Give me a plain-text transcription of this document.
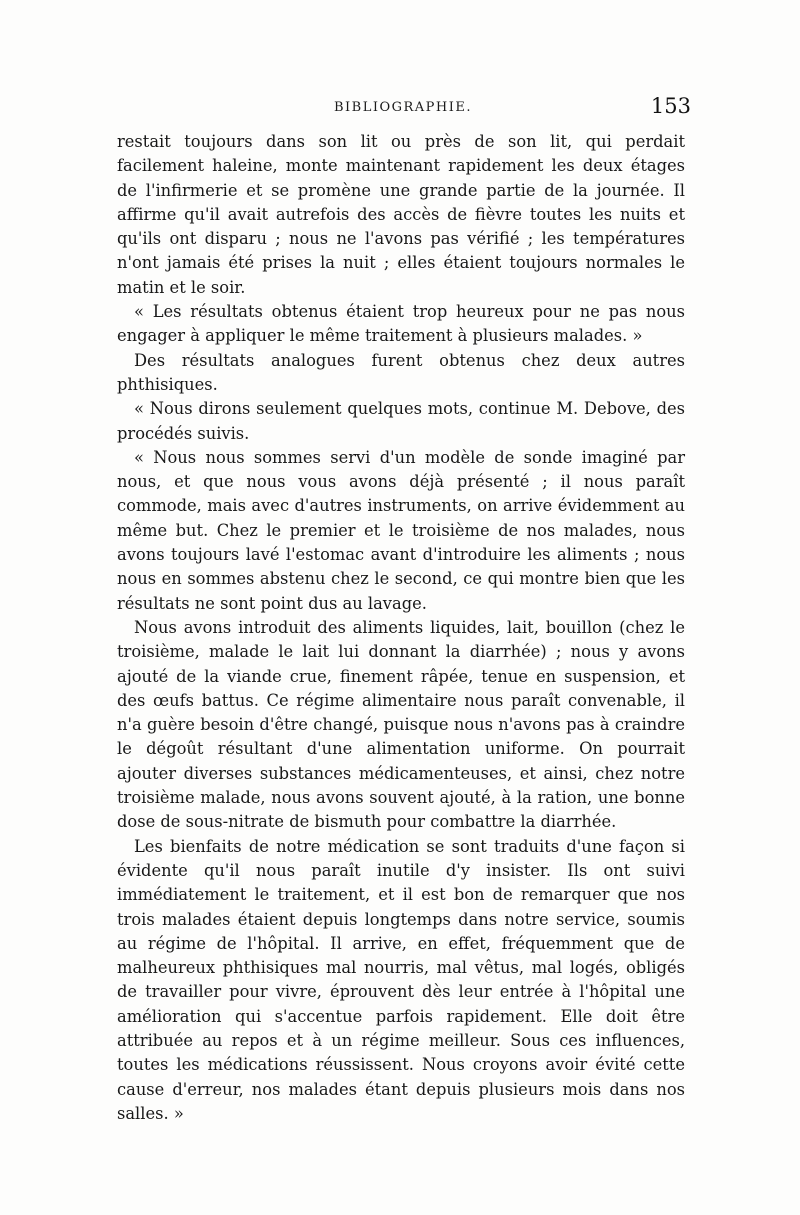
BIBLIOGRAPHIE.	153

restait toujours dans son lit ou près de son lit, qui perdait facilement haleine, monte maintenant rapidement les deux étages de l'infirmerie et se promène une grande partie de la journée. Il affirme qu'il avait autrefois des accès de fièvre toutes les nuits et qu'ils ont disparu ; nous ne l'avons pas vérifié ; les températures n'ont jamais été prises la nuit ; elles étaient toujours normales le matin et le soir.

« Les résultats obtenus étaient trop heureux pour ne pas nous engager à appliquer le même traitement à plusieurs malades. »

Des résultats analogues furent obtenus chez deux autres phthisiques.

« Nous dirons seulement quelques mots, continue M. Debove, des procédés suivis.

« Nous nous sommes servi d'un modèle de sonde imaginé par nous, et que nous vous avons déjà présenté ; il nous paraît commode, mais avec d'autres instruments, on arrive évidemment au même but. Chez le premier et le troisième de nos malades, nous avons toujours lavé l'estomac avant d'introduire les aliments ; nous nous en sommes abstenu chez le second, ce qui montre bien que les résultats ne sont point dus au lavage.

Nous avons introduit des aliments liquides, lait, bouillon (chez le troisième, malade le lait lui donnant la diarrhée) ; nous y avons ajouté de la viande crue, finement râpée, tenue en suspension, et des œufs battus. Ce régime alimentaire nous paraît convenable, il n'a guère besoin d'être changé, puisque nous n'avons pas à craindre le dégoût résultant d'une alimentation uniforme. On pourrait ajouter diverses substances médicamenteuses, et ainsi, chez notre troisième malade, nous avons souvent ajouté, à la ration, une bonne dose de sous-nitrate de bismuth pour combattre la diarrhée.

Les bienfaits de notre médication se sont traduits d'une façon si évidente qu'il nous paraît inutile d'y insister. Ils ont suivi immédiatement le traitement, et il est bon de remarquer que nos trois malades étaient depuis longtemps dans notre service, soumis au régime de l'hôpital. Il arrive, en effet, fréquemment que de malheureux phthisiques mal nourris, mal vêtus, mal logés, obligés de travailler pour vivre, éprouvent dès leur entrée à l'hôpital une amélioration qui s'accentue parfois rapidement. Elle doit être attribuée au repos et à un régime meilleur. Sous ces influences, toutes les médications réussissent. Nous croyons avoir évité cette cause d'erreur, nos malades étant depuis plusieurs mois dans nos salles. »
